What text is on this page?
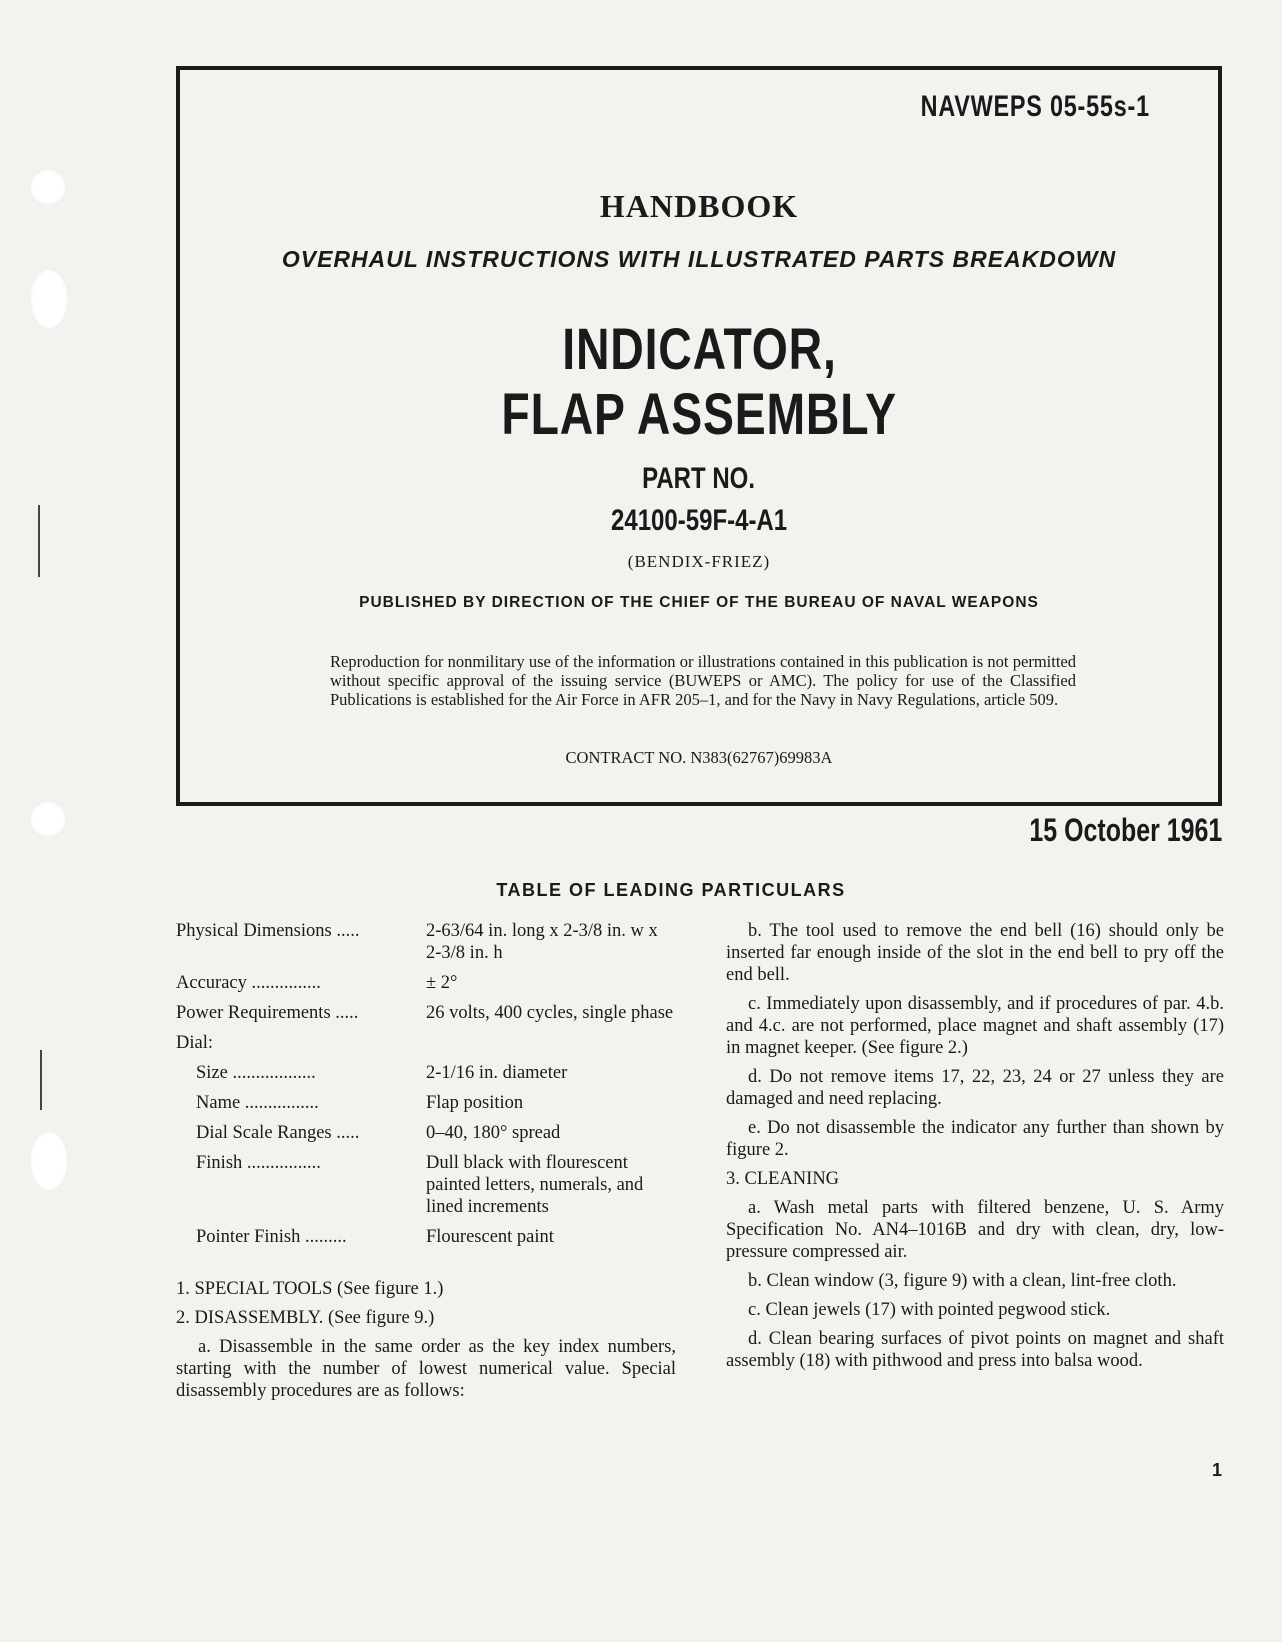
NAVWEPS 05-55s-1
HANDBOOK
OVERHAUL INSTRUCTIONS WITH ILLUSTRATED PARTS BREAKDOWN
INDICATOR,
FLAP ASSEMBLY
PART NO.
24100-59F-4-A1
(BENDIX-FRIEZ)
PUBLISHED BY DIRECTION OF THE CHIEF OF THE BUREAU OF NAVAL WEAPONS
Reproduction for nonmilitary use of the information or illustrations contained in this publication is not permitted without specific approval of the issuing service (BUWEPS or AMC). The policy for use of the Classified Publications is established for the Air Force in AFR 205–1, and for the Navy in Navy Regulations, article 509.
CONTRACT NO. N383(62767)69983A
15 October 1961
TABLE OF LEADING PARTICULARS
Physical Dimensions .....	2-63/64 in. long x 2-3/8 in. w x 2-3/8 in. h
Accuracy ...............	± 2°
Power Requirements .....	26 volts, 400 cycles, single phase
Dial:
Size ..................	2-1/16 in. diameter
Name ................	Flap position
Dial Scale Ranges .....	0–40, 180° spread
Finish ................	Dull black with flourescent painted letters, numerals, and lined increments
Pointer Finish .........	Flourescent paint
1. SPECIAL TOOLS (See figure 1.)
2. DISASSEMBLY. (See figure 9.)
a. Disassemble in the same order as the key index numbers, starting with the number of lowest numerical value. Special disassembly procedures are as follows:
b. The tool used to remove the end bell (16) should only be inserted far enough inside of the slot in the end bell to pry off the end bell.
c. Immediately upon disassembly, and if procedures of par. 4.b. and 4.c. are not performed, place magnet and shaft assembly (17) in magnet keeper. (See figure 2.)
d. Do not remove items 17, 22, 23, 24 or 27 unless they are damaged and need replacing.
e. Do not disassemble the indicator any further than shown by figure 2.
3. CLEANING
a. Wash metal parts with filtered benzene, U. S. Army Specification No. AN4–1016B and dry with clean, dry, low-pressure compressed air.
b. Clean window (3, figure 9) with a clean, lint-free cloth.
c. Clean jewels (17) with pointed pegwood stick.
d. Clean bearing surfaces of pivot points on magnet and shaft assembly (18) with pithwood and press into balsa wood.
1
